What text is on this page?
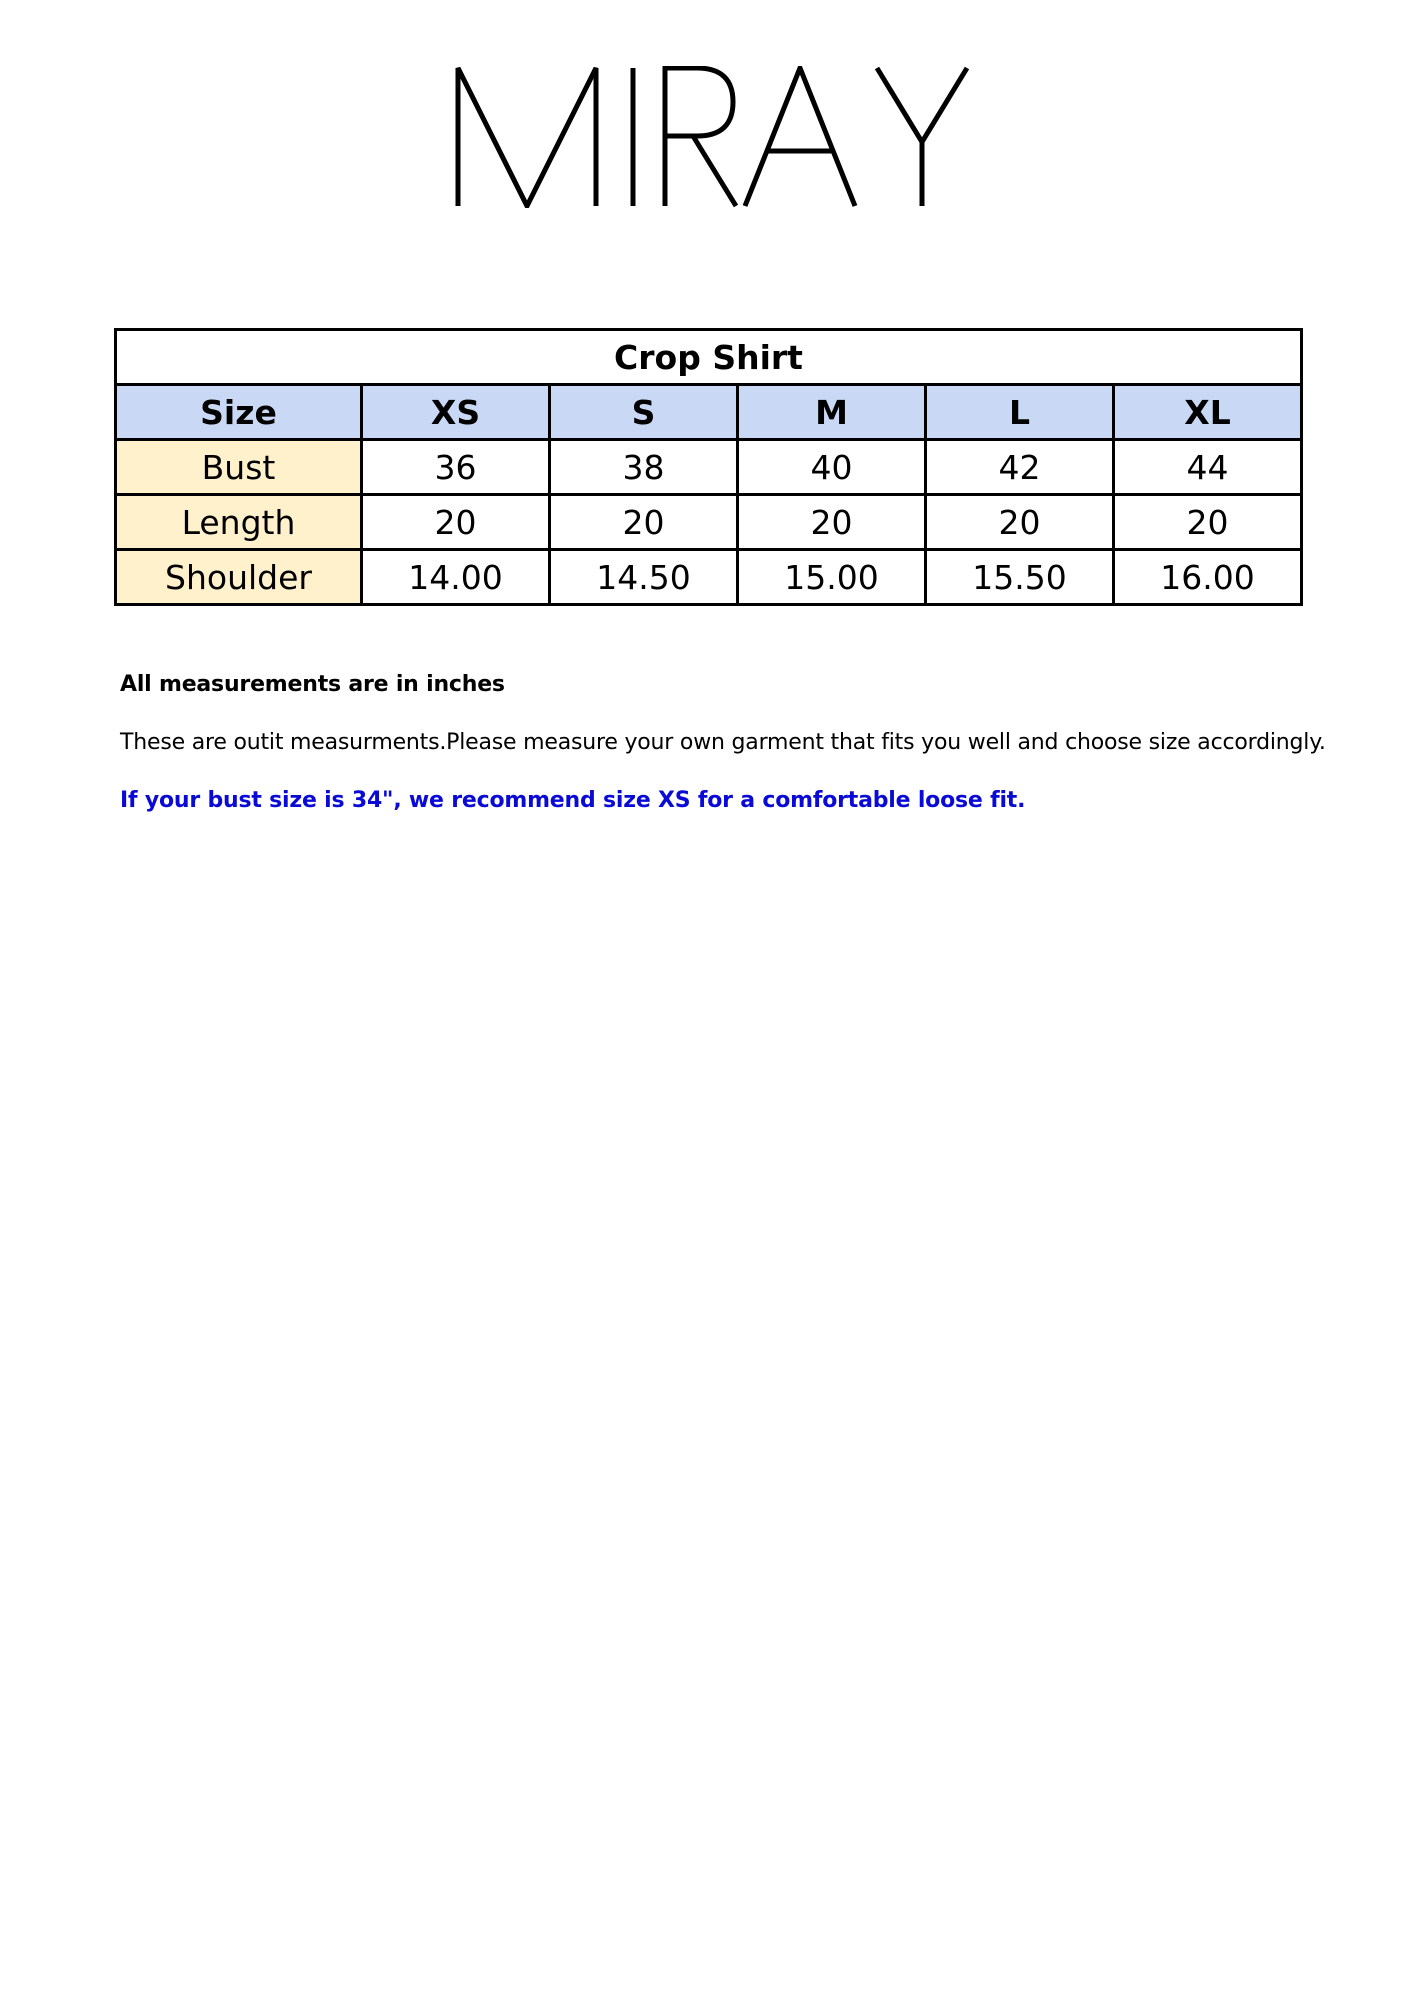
Crop Shirt					
Size	XS	S	M	L	XL
Bust	36	38	40	42	44
Length	20	20	20	20	20
Shoulder	14.00	14.50	15.00	15.50	16.00
All measurements are in inches
These are outit measurments.Please measure your own garment that fits you well and choose size accordingly.
If your bust size is 34", we recommend size XS for a comfortable loose fit.
